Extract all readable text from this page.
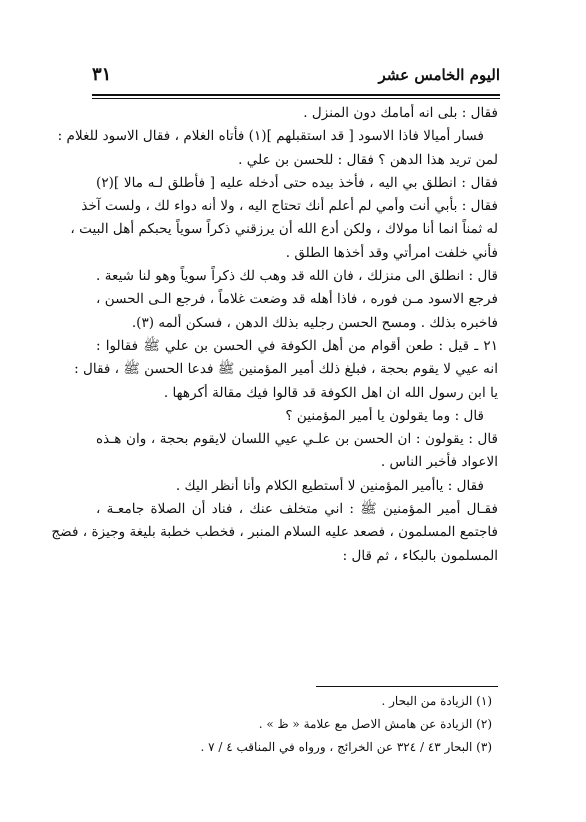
اليوم الخامس عشر
٣١
فقال : بلى انه أمامك دون المنزل .
فسار أميالا فاذا الاسود [ قد استقبلهم ](١) فأتاه الغلام ، فقال الاسود للغلام :
لمن تريد هذا الدهن ؟ فقال : للحسن بن علي .
فقال : انطلق بي اليه ، فأخذ بيده حتى أدخله عليه [ فأطلق لـه مالا ](٢)
فقال : بأبي أنت وأمي لم أعلم أنك تحتاج اليه ، ولا أنه دواء لك ، ولست آخذ
له ثمناً انما أنا مولاك ، ولكن أدع الله أن يرزقني ذكراً سوياً يحبكم أهل البيت ،
فأني خلفت امرأتي وقد أخذها الطلق .
قال : انطلق الى منزلك ، فان الله قد وهب لك ذكراً سوياً وهو لنا شيعة .
فرجع الاسود مـن فوره ، فاذا أهله قد وضعت غلاماً ، فرجع الـى الحسن ،
فاخبره بذلك . ومسح الحسن رجليه بذلك الدهن ، فسكن ألمه (٣).
٢١ ـ قيل : طعن أقوام من أهل الكوفة في الحسن بن علي ﷺ فقالوا :
انه عيي لا يقوم بحجة ، فبلغ ذلك أمير المؤمنين ﷺ فدعا الحسن ﷺ ، فقال :
يا ابن رسول الله ان اهل الكوفة قد قالوا فيك مقالة أكرهها .
قال : وما يقولون يا أمير المؤمنين ؟
قال : يقولون : ان الحسن بن علـي عيي اللسان لايقوم بحجة ، وان هـذه
الاعواد فأخبر الناس .
فقال : ياأمير المؤمنين لا أستطيع الكلام وأنا أنظر اليك .
فقـال أمير المؤمنين ﷺ : اني متخلف عنك ، فناد أن الصلاة جامعـة ،
فاجتمع المسلمون ، فصعد عليه السلام المنبر ، فخطب خطبة بليغة وجيزة ، فضج
المسلمون بالبكاء ، ثم قال :
(١) الزيادة من البحار .
(٢) الزيادة عن هامش الاصل مع علامة « ظ » .
(٣) البحار ٤٣ / ٣٢٤ عن الخرائج ، ورواه في المناقب ٤ / ٧ .
